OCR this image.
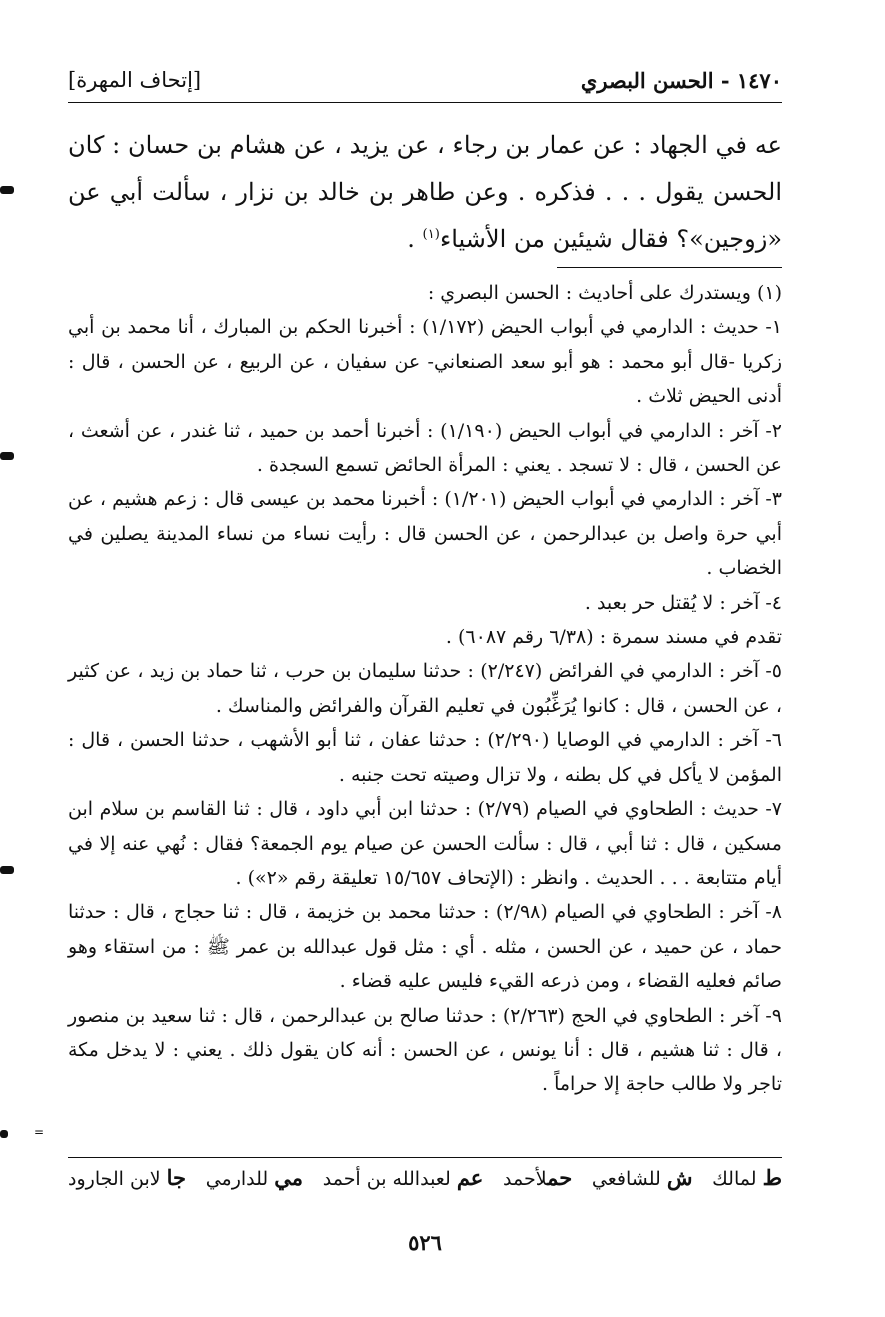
١٤٧٠ - الحسن البصري
[إتحاف المهرة]
عه في الجهاد : عن عمار بن رجاء ، عن يزيد ، عن هشام بن حسان : كان الحسن يقول . . . فذكره . وعن طاهر بن خالد بن نزار ، سألت أبي عن «زوجين»؟ فقال شيئين من الأشياء$^{(١)}$ .

(١) ويستدرك على أحاديث : الحسن البصري :

١- حديث : الدارمي في أبواب الحيض (١/١٧٢) : أخبرنا الحكم بن المبارك ، أنا محمد بن أبي زكريا -قال أبو محمد : هو أبو سعد الصنعاني- عن سفيان ، عن الربيع ، عن الحسن ، قال : أدنى الحيض ثلاث .

٢- آخر : الدارمي في أبواب الحيض (١/١٩٠) : أخبرنا أحمد بن حميد ، ثنا غندر ، عن أشعث ، عن الحسن ، قال : لا تسجد . يعني : المرأة الحائض تسمع السجدة .

٣- آخر : الدارمي في أبواب الحيض (١/٢٠١) : أخبرنا محمد بن عيسى قال : زعم هشيم ، عن أبي حرة واصل بن عبدالرحمن ، عن الحسن قال : رأيت نساء من نساء المدينة يصلين في الخضاب .

٤- آخر : لا يُقتل حر بعبد .

تقدم في مسند سمرة : (٦/٣٨ رقم ٦٠٨٧) .

٥- آخر : الدارمي في الفرائض (٢/٢٤٧) : حدثنا سليمان بن حرب ، ثنا حماد بن زيد ، عن كثير ، عن الحسن ، قال : كانوا يُرَغِّبُون في تعليم القرآن والفرائض والمناسك .

٦- آخر : الدارمي في الوصايا (٢/٢٩٠) : حدثنا عفان ، ثنا أبو الأشهب ، حدثنا الحسن ، قال : المؤمن لا يأكل في كل بطنه ، ولا تزال وصيته تحت جنبه .

٧- حديث : الطحاوي في الصيام (٢/٧٩) : حدثنا ابن أبي داود ، قال : ثنا القاسم بن سلام ابن مسكين ، قال : ثنا أبي ، قال : سألت الحسن عن صيام يوم الجمعة؟ فقال : نُهي عنه إلا في أيام متتابعة . . . الحديث . وانظر : (الإتحاف ١٥/٦٥٧ تعليقة رقم «٢») .

٨- آخر : الطحاوي في الصيام (٢/٩٨) : حدثنا محمد بن خزيمة ، قال : ثنا حجاج ، قال : حدثنا حماد ، عن حميد ، عن الحسن ، مثله . أي : مثل قول عبدالله بن عمر ﷺ : من استقاء وهو صائم فعليه القضاء ، ومن ذرعه القيء فليس عليه قضاء .

٩- آخر : الطحاوي في الحج (٢/٢٦٣) : حدثنا صالح بن عبدالرحمن ، قال : ثنا سعيد بن منصور ، قال : ثنا هشيم ، قال : أنا يونس ، عن الحسن : أنه كان يقول ذلك . يعني : لا يدخل مكة تاجر ولا طالب حاجة إلا حراماً .

ط لمالك
ش للشافعي
حملأحمد
عم لعبدالله بن أحمد
مي للدارمي
جا لابن الجارود
٥٢٦
=
